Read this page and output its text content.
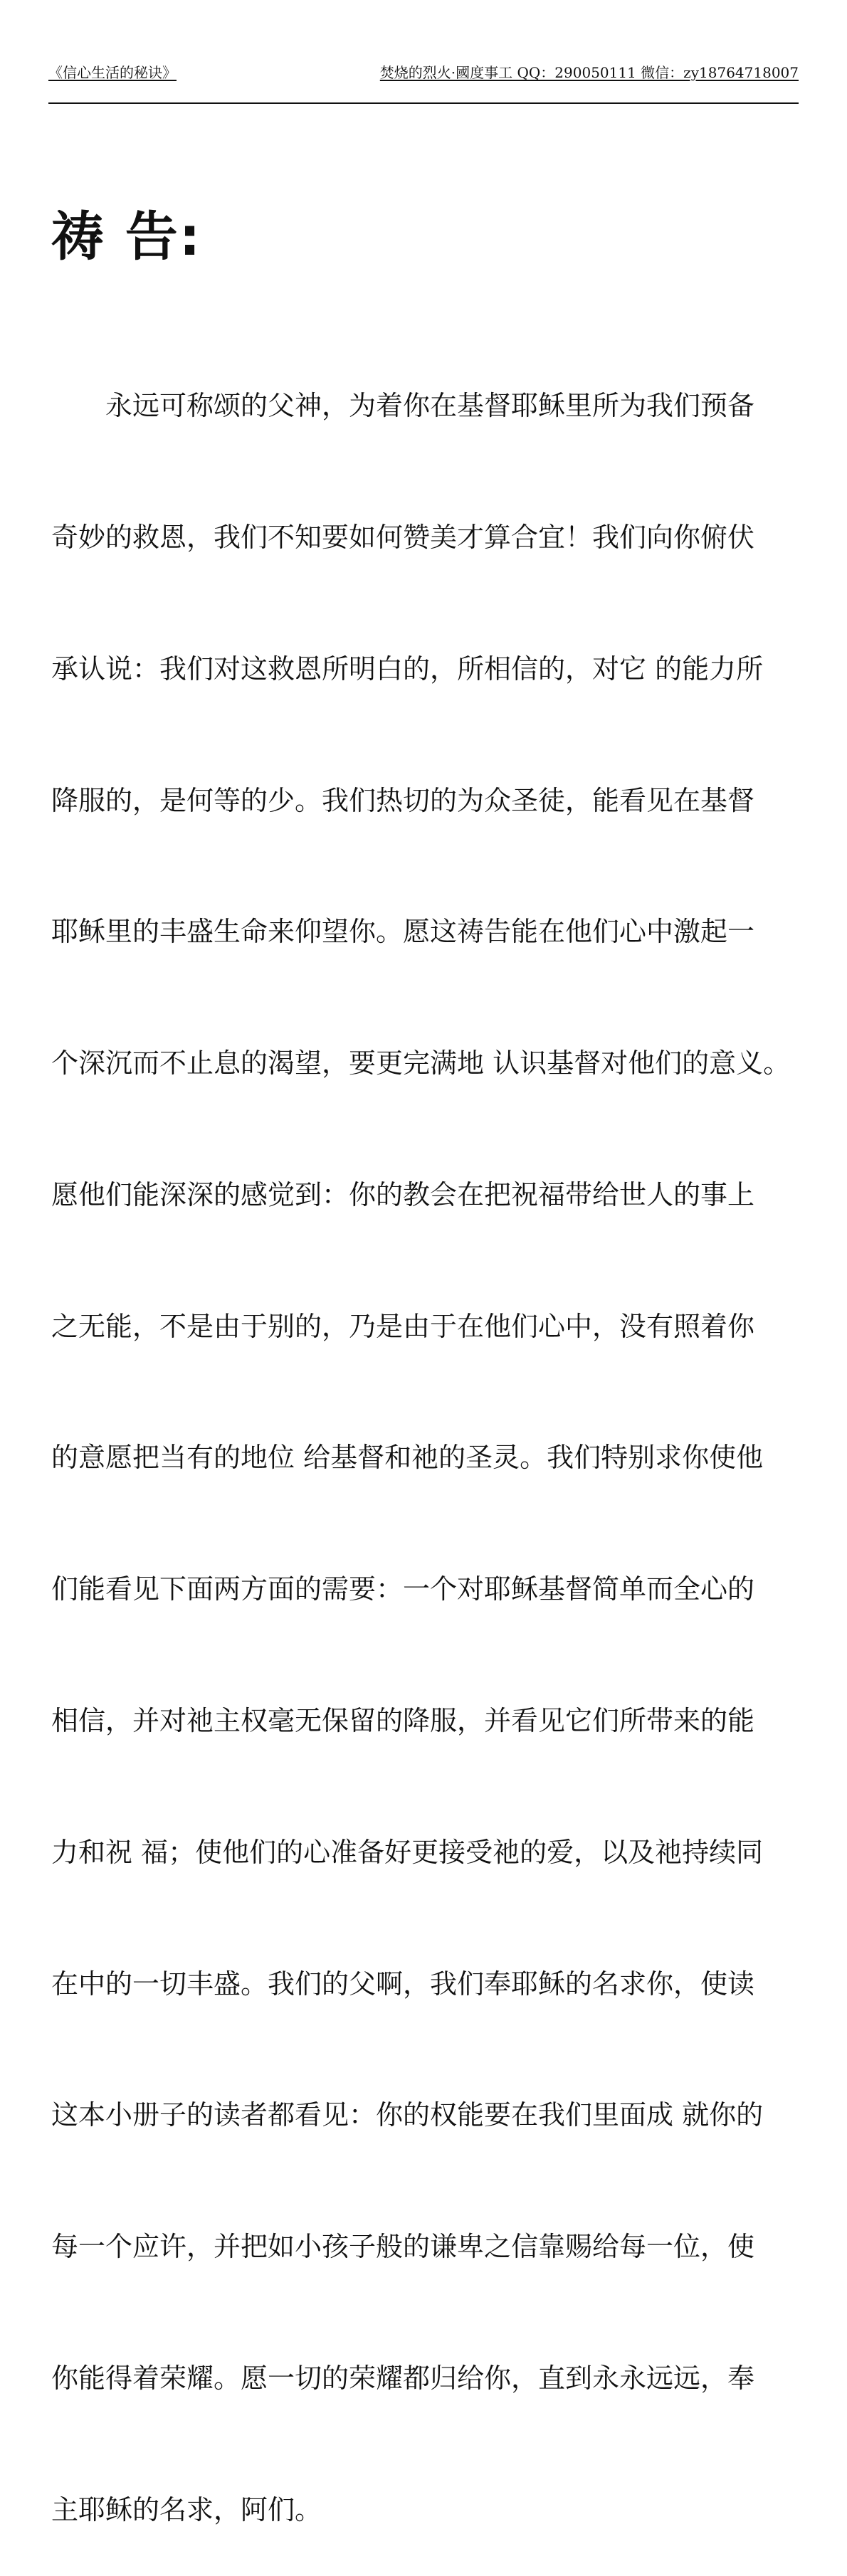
《信心生活的秘诀》	焚烧的烈火·國度事工 QQ：290050111 微信：zy18764718007
祷 告:

　　永远可称颂的父神，为着你在基督耶稣里所为我们预备

奇妙的救恩，我们不知要如何赞美才算合宜！我们向你俯伏

承认说：我们对这救恩所明白的，所相信的，对它 的能力所

降服的，是何等的少。我们热切的为众圣徒，能看见在基督

耶稣里的丰盛生命来仰望你。愿这祷告能在他们心中激起一

个深沉而不止息的渴望，要更完满地 认识基督对他们的意义。

愿他们能深深的感觉到：你的教会在把祝福带给世人的事上

之无能，不是由于别的，乃是由于在他们心中，没有照着你

的意愿把当有的地位 给基督和祂的圣灵。我们特别求你使他

们能看见下面两方面的需要：一个对耶稣基督简单而全心的

相信，并对祂主权毫无保留的降服，并看见它们所带来的能

力和祝 福；使他们的心准备好更接受祂的爱，以及祂持续同

在中的一切丰盛。我们的父啊，我们奉耶稣的名求你，使读

这本小册子的读者都看见：你的权能要在我们里面成 就你的

每一个应许，并把如小孩子般的谦卑之信靠赐给每一位，使

你能得着荣耀。愿一切的荣耀都归给你，直到永永远远，奉

主耶稣的名求，阿们。
